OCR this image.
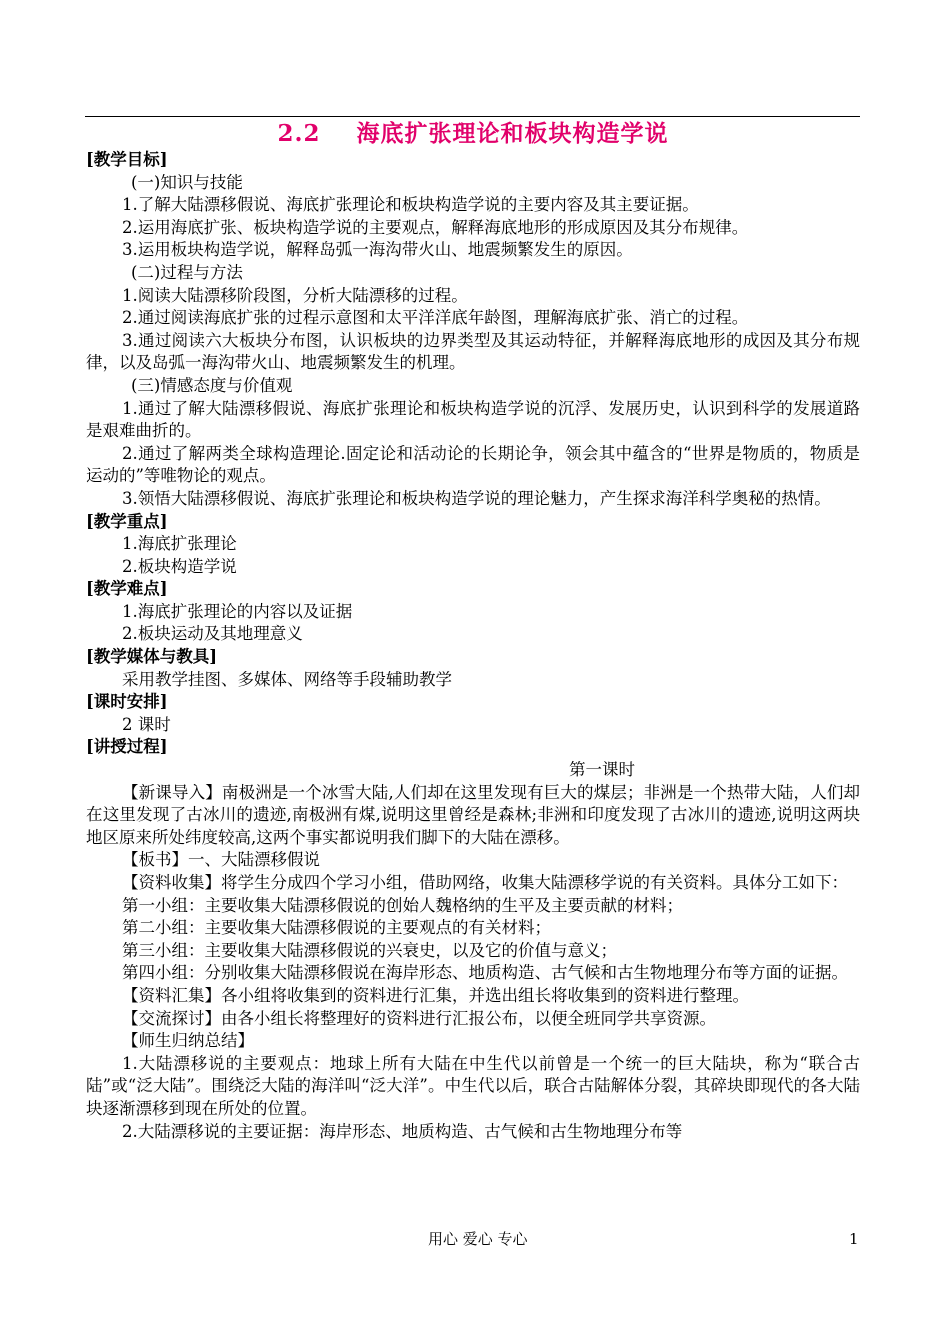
2.2 海底扩张理论和板块构造学说
[教学目标]
(一)知识与技能
1.了解大陆漂移假说、海底扩张理论和板块构造学说的主要内容及其主要证据。
2.运用海底扩张、板块构造学说的主要观点，解释海底地形的形成原因及其分布规律。
3.运用板块构造学说，解释岛弧一海沟带火山、地震频繁发生的原因。
(二)过程与方法
1.阅读大陆漂移阶段图，分析大陆漂移的过程。
2.通过阅读海底扩张的过程示意图和太平洋洋底年龄图，理解海底扩张、消亡的过程。
3.通过阅读六大板块分布图，认识板块的边界类型及其运动特征，并解释海底地形的成因及其分布规律，以及岛弧一海沟带火山、地震频繁发生的机理。
(三)情感态度与价值观
1.通过了解大陆漂移假说、海底扩张理论和板块构造学说的沉浮、发展历史，认识到科学的发展道路是艰难曲折的。
2.通过了解两类全球构造理论.固定论和活动论的长期论争，领会其中蕴含的“世界是物质的，物质是运动的”等唯物论的观点。
3.领悟大陆漂移假说、海底扩张理论和板块构造学说的理论魅力，产生探求海洋科学奥秘的热情。
[教学重点]
1.海底扩张理论
2.板块构造学说
[教学难点]
1.海底扩张理论的内容以及证据
2.板块运动及其地理意义
[教学媒体与教具]
采用教学挂图、多媒体、网络等手段辅助教学
[课时安排]
2 课时
[讲授过程]
第一课时
【新课导入】南极洲是一个冰雪大陆,人们却在这里发现有巨大的煤层；非洲是一个热带大陆，人们却在这里发现了古冰川的遗迹,南极洲有煤,说明这里曾经是森林;非洲和印度发现了古冰川的遗迹,说明这两块地区原来所处纬度较高,这两个事实都说明我们脚下的大陆在漂移。
【板书】一、大陆漂移假说
【资料收集】将学生分成四个学习小组，借助网络，收集大陆漂移学说的有关资料。具体分工如下：
第一小组：主要收集大陆漂移假说的创始人魏格纳的生平及主要贡献的材料；
第二小组：主要收集大陆漂移假说的主要观点的有关材料；
第三小组：主要收集大陆漂移假说的兴衰史，以及它的价值与意义；
第四小组：分别收集大陆漂移假说在海岸形态、地质构造、古气候和古生物地理分布等方面的证据。
【资料汇集】各小组将收集到的资料进行汇集，并选出组长将收集到的资料进行整理。
【交流探讨】由各小组长将整理好的资料进行汇报公布，以便全班同学共享资源。
【师生归纳总结】
1.大陆漂移说的主要观点：地球上所有大陆在中生代以前曾是一个统一的巨大陆块，称为“联合古陆”或“泛大陆”。围绕泛大陆的海洋叫“泛大洋”。中生代以后，联合古陆解体分裂，其碎块即现代的各大陆块逐渐漂移到现在所处的位置。
2.大陆漂移说的主要证据：海岸形态、地质构造、古气候和古生物地理分布等
用心 爱心 专心	1
